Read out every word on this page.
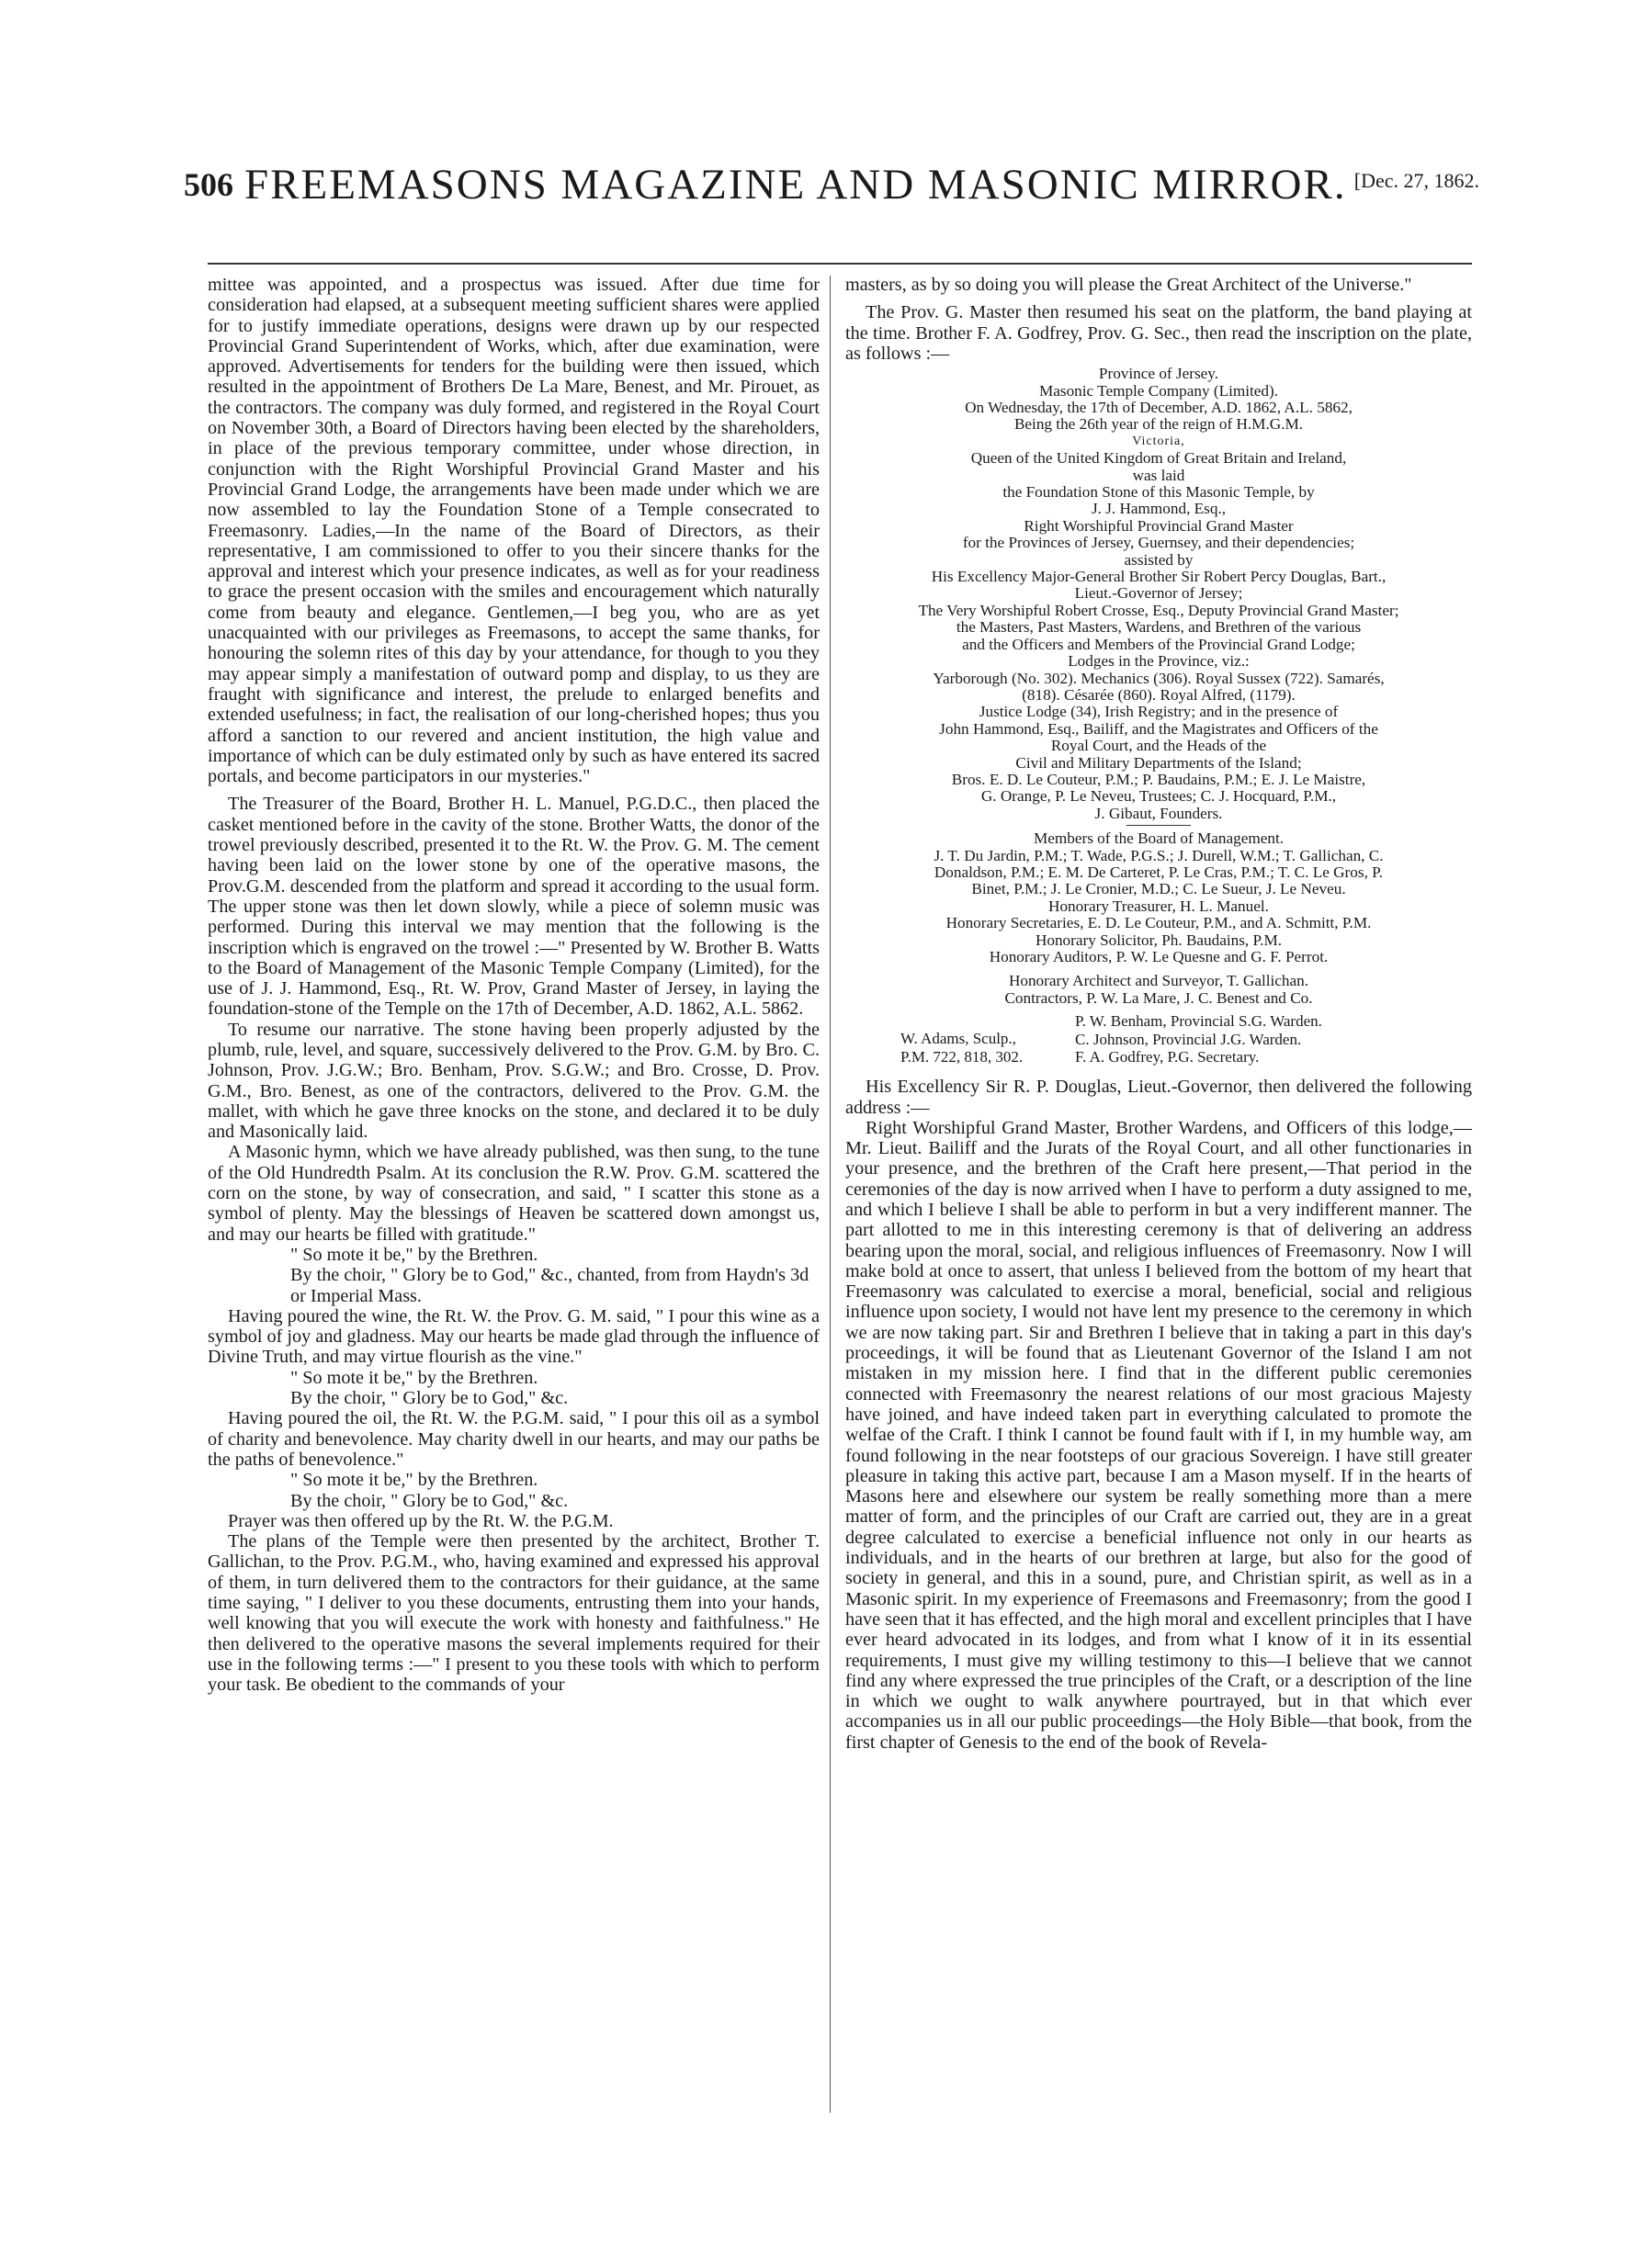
506 FREEMASONS MAGAZINE AND MASONIC MIRROR. [Dec. 27, 1862.

mittee was appointed, and a prospectus was issued. After due time for consideration had elapsed, at a subsequent meeting sufficient shares were applied for to justify immediate operations, designs were drawn up by our respected Provincial Grand Superintendent of Works, which, after due examination, were approved. Advertisements for tenders for the building were then issued, which resulted in the appointment of Brothers De La Mare, Benest, and Mr. Pirouet, as the contractors. The company was duly formed, and registered in the Royal Court on November 30th, a Board of Directors having been elected by the shareholders, in place of the previous temporary committee, under whose direction, in conjunction with the Right Worshipful Provincial Grand Master and his Provincial Grand Lodge, the arrangements have been made under which we are now assembled to lay the Foundation Stone of a Temple consecrated to Freemasonry. Ladies,—In the name of the Board of Directors, as their representative, I am commissioned to offer to you their sincere thanks for the approval and interest which your presence indicates, as well as for your readiness to grace the present occasion with the smiles and encouragement which naturally come from beauty and elegance. Gentlemen,—I beg you, who are as yet unacquainted with our privileges as Freemasons, to accept the same thanks, for honouring the solemn rites of this day by your attendance, for though to you they may appear simply a manifestation of outward pomp and display, to us they are fraught with significance and interest, the prelude to enlarged benefits and extended usefulness; in fact, the realisation of our long-cherished hopes; thus you afford a sanction to our revered and ancient institution, the high value and importance of which can be duly estimated only by such as have entered its sacred portals, and become participators in our mysteries."

The Treasurer of the Board, Brother H. L. Manuel, P.G.D.C., then placed the casket mentioned before in the cavity of the stone. Brother Watts, the donor of the trowel previously described, presented it to the Rt. W. the Prov. G. M. The cement having been laid on the lower stone by one of the operative masons, the Prov.G.M. descended from the platform and spread it according to the usual form. The upper stone was then let down slowly, while a piece of solemn music was performed. During this interval we may mention that the following is the inscription which is engraved on the trowel :—" Presented by W. Brother B. Watts to the Board of Management of the Masonic Temple Company (Limited), for the use of J. J. Hammond, Esq., Rt. W. Prov, Grand Master of Jersey, in laying the foundation-stone of the Temple on the 17th of December, A.D. 1862, A.L. 5862.

To resume our narrative. The stone having been properly adjusted by the plumb, rule, level, and square, successively delivered to the Prov. G.M. by Bro. C. Johnson, Prov. J.G.W.; Bro. Benham, Prov. S.G.W.; and Bro. Crosse, D. Prov. G.M., Bro. Benest, as one of the contractors, delivered to the Prov. G.M. the mallet, with which he gave three knocks on the stone, and declared it to be duly and Masonically laid.

A Masonic hymn, which we have already published, was then sung, to the tune of the Old Hundredth Psalm. At its conclusion the R.W. Prov. G.M. scattered the corn on the stone, by way of consecration, and said, " I scatter this stone as a symbol of plenty. May the blessings of Heaven be scattered down amongst us, and may our hearts be filled with gratitude."

" So mote it be," by the Brethren.

By the choir, " Glory be to God," &c., chanted, from from Haydn's 3d or Imperial Mass.

Having poured the wine, the Rt. W. the Prov. G. M. said, " I pour this wine as a symbol of joy and gladness. May our hearts be made glad through the influence of Divine Truth, and may virtue flourish as the vine."

" So mote it be," by the Brethren.

By the choir, " Glory be to God," &c.

Having poured the oil, the Rt. W. the P.G.M. said, " I pour this oil as a symbol of charity and benevolence. May charity dwell in our hearts, and may our paths be the paths of benevolence."

" So mote it be," by the Brethren.

By the choir, " Glory be to God," &c.

Prayer was then offered up by the Rt. W. the P.G.M.

The plans of the Temple were then presented by the architect, Brother T. Gallichan, to the Prov. P.G.M., who, having examined and expressed his approval of them, in turn delivered them to the contractors for their guidance, at the same time saying, " I deliver to you these documents, entrusting them into your hands, well knowing that you will execute the work with honesty and faithfulness." He then delivered to the operative masons the several implements required for their use in the following terms :—" I present to you these tools with which to perform your task. Be obedient to the commands of your

masters, as by so doing you will please the Great Architect of the Universe."

The Prov. G. Master then resumed his seat on the platform, the band playing at the time. Brother F. A. Godfrey, Prov. G. Sec., then read the inscription on the plate, as follows :—

Province of Jersey.
Masonic Temple Company (Limited).
On Wednesday, the 17th of December, A.D. 1862, A.L. 5862,
Being the 26th year of the reign of H.M.G.M.
Victoria,
Queen of the United Kingdom of Great Britain and Ireland,
was laid
the Foundation Stone of this Masonic Temple, by
J. J. Hammond, Esq.,
Right Worshipful Provincial Grand Master
for the Provinces of Jersey, Guernsey, and their dependencies;
assisted by
His Excellency Major-General Brother Sir Robert Percy Douglas, Bart.,
Lieut.-Governor of Jersey;
The Very Worshipful Robert Crosse, Esq., Deputy Provincial Grand Master;
the Masters, Past Masters, Wardens, and Brethren of the various
and the Officers and Members of the Provincial Grand Lodge;
Lodges in the Province, viz.:
Yarborough (No. 302). Mechanics (306). Royal Sussex (722). Samarés,
(818). Césarée (860). Royal Alfred, (1179).
Justice Lodge (34), Irish Registry; and in the presence of
John Hammond, Esq., Bailiff, and the Magistrates and Officers of the
Royal Court, and the Heads of the
Civil and Military Departments of the Island;
Bros. E. D. Le Couteur, P.M.; P. Baudains, P.M.; E. J. Le Maistre,
G. Orange, P. Le Neveu, Trustees; C. J. Hocquard, P.M.,
J. Gibaut, Founders.
Members of the Board of Management.
J. T. Du Jardin, P.M.; T. Wade, P.G.S.; J. Durell, W.M.; T. Gallichan, C.
Donaldson, P.M.; E. M. De Carteret, P. Le Cras, P.M.; T. C. Le Gros, P.
Binet, P.M.; J. Le Cronier, M.D.; C. Le Sueur, J. Le Neveu.
Honorary Treasurer, H. L. Manuel.
Honorary Secretaries, E. D. Le Couteur, P.M., and A. Schmitt, P.M.
Honorary Solicitor, Ph. Baudains, P.M.
Honorary Auditors, P. W. Le Quesne and G. F. Perrot.
Honorary Architect and Surveyor, T. Gallichan.
Contractors, P. W. La Mare, J. C. Benest and Co.
W. Adams, Sculp.,
P.M. 722, 818, 302.
P. W. Benham, Provincial S.G. Warden.
C. Johnson, Provincial J.G. Warden.
F. A. Godfrey, P.G. Secretary.

His Excellency Sir R. P. Douglas, Lieut.-Governor, then delivered the following address :—

Right Worshipful Grand Master, Brother Wardens, and Officers of this lodge,—Mr. Lieut. Bailiff and the Jurats of the Royal Court, and all other functionaries in your presence, and the brethren of the Craft here present,—That period in the ceremonies of the day is now arrived when I have to perform a duty assigned to me, and which I believe I shall be able to perform in but a very indifferent manner. The part allotted to me in this interesting ceremony is that of delivering an address bearing upon the moral, social, and religious influences of Freemasonry. Now I will make bold at once to assert, that unless I believed from the bottom of my heart that Freemasonry was calculated to exercise a moral, beneficial, social and religious influence upon society, I would not have lent my presence to the ceremony in which we are now taking part. Sir and Brethren I believe that in taking a part in this day's proceedings, it will be found that as Lieutenant Governor of the Island I am not mistaken in my mission here. I find that in the different public ceremonies connected with Freemasonry the nearest relations of our most gracious Majesty have joined, and have indeed taken part in everything calculated to promote the welfae of the Craft. I think I cannot be found fault with if I, in my humble way, am found following in the near footsteps of our gracious Sovereign. I have still greater pleasure in taking this active part, because I am a Mason myself. If in the hearts of Masons here and elsewhere our system be really something more than a mere matter of form, and the principles of our Craft are carried out, they are in a great degree calculated to exercise a beneficial influence not only in our hearts as individuals, and in the hearts of our brethren at large, but also for the good of society in general, and this in a sound, pure, and Christian spirit, as well as in a Masonic spirit. In my experience of Freemasons and Freemasonry; from the good I have seen that it has effected, and the high moral and excellent principles that I have ever heard advocated in its lodges, and from what I know of it in its essential requirements, I must give my willing testimony to this—I believe that we cannot find any where expressed the true principles of the Craft, or a description of the line in which we ought to walk anywhere pourtrayed, but in that which ever accompanies us in all our public proceedings—the Holy Bible—that book, from the first chapter of Genesis to the end of the book of Revela-
